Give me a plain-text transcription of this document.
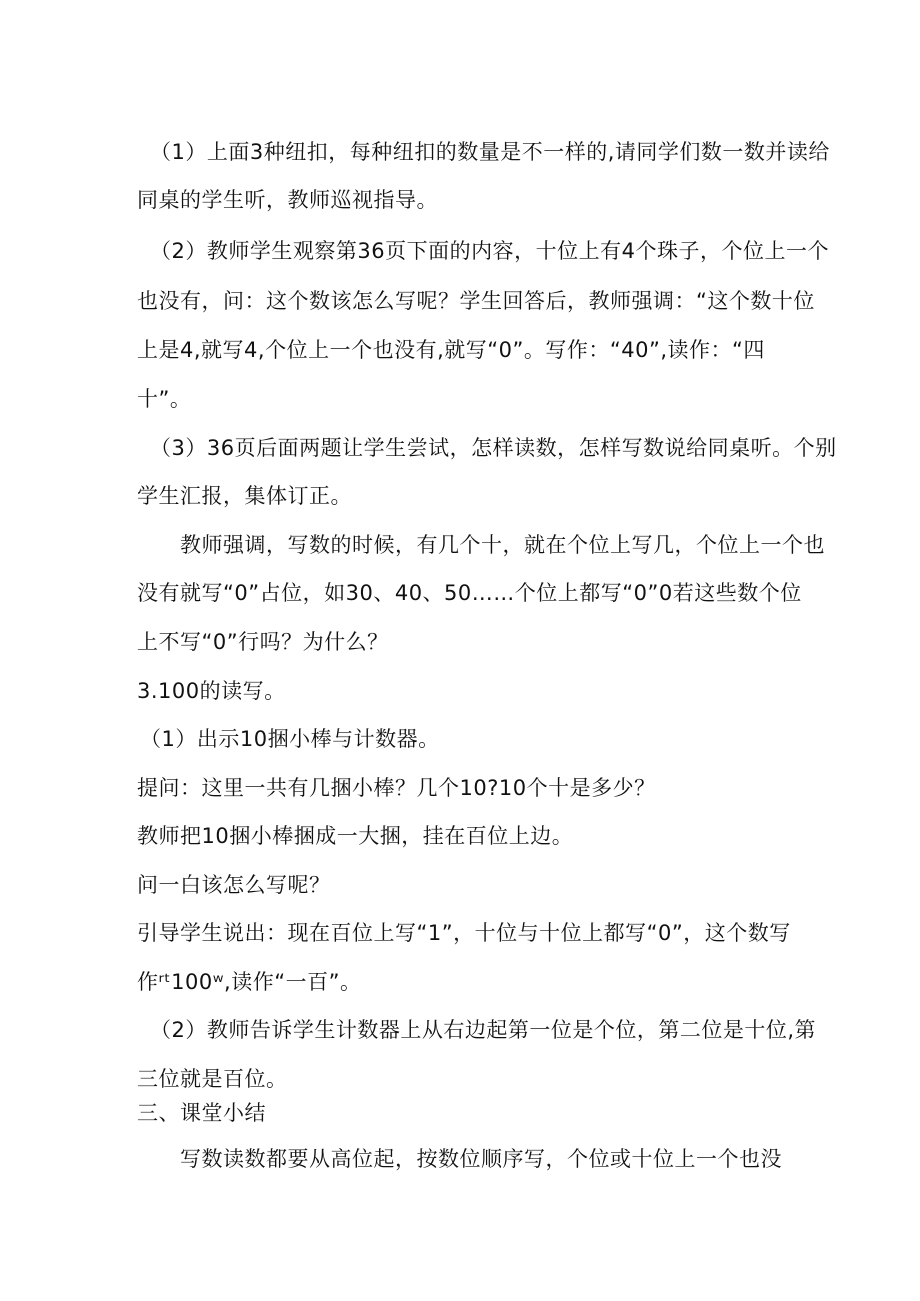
（1）上面3种纽扣，每种纽扣的数量是不一样的,请同学们数一数并读给

同桌的学生听，教师巡视指导。

（2）教师学生观察第36页下面的内容，十位上有4个珠子，个位上一个

也没有，问：这个数该怎么写呢？学生回答后，教师强调：“这个数十位

上是4,就写4,个位上一个也没有,就写“0”。写作：“40”,读作：“四

十”。

（3）36页后面两题让学生尝试，怎样读数，怎样写数说给同桌听。个别

学生汇报，集体订正。

教师强调，写数的时候，有几个十，就在个位上写几，个位上一个也

没有就写“0”占位，如30、40、50……个位上都写“0”0若这些数个位

上不写“0”行吗？为什么？

3.100的读写。

（1）出示10捆小棒与计数器。

提问：这里一共有几捆小棒？几个10?10个十是多少？

教师把10捆小棒捆成一大捆，挂在百位上边。

问一白该怎么写呢？

引导学生说出：现在百位上写“1”，十位与十位上都写“0”，这个数写

作ʳᵗ100ʷ,读作“一百”。

（2）教师告诉学生计数器上从右边起第一位是个位，第二位是十位,第

三位就是百位。

三、课堂小结

写数读数都要从高位起，按数位顺序写，个位或十位上一个也没
